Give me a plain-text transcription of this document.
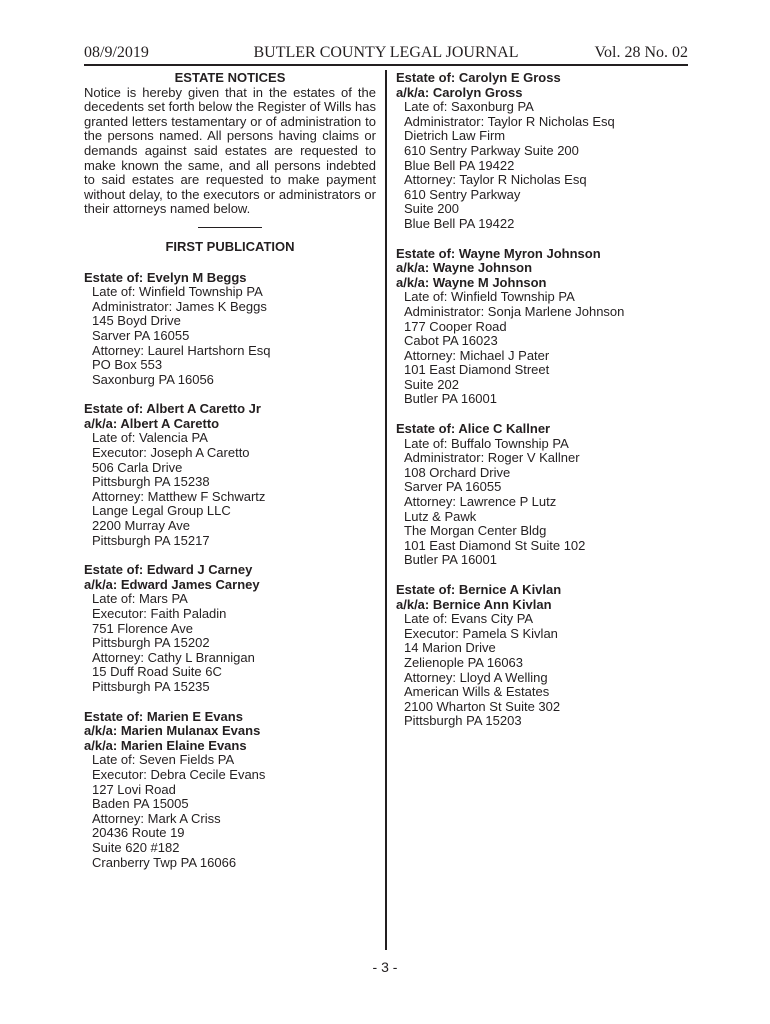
08/9/2019	BUTLER COUNTY LEGAL JOURNAL	Vol. 28 No. 02
ESTATE NOTICES
Notice is hereby given that in the estates of the decedents set forth below the Register of Wills has granted letters testamentary or of administration to the persons named. All persons having claims or demands against said estates are requested to make known the same, and all persons indebted to said estates are requested to make payment without delay, to the executors or administrators or their attorneys named below.
FIRST PUBLICATION
Estate of: Evelyn M Beggs
Late of: Winfield Township PA
Administrator: James K Beggs
145 Boyd Drive
Sarver PA 16055
Attorney: Laurel Hartshorn Esq
PO Box 553
Saxonburg PA 16056
Estate of: Albert A Caretto Jr
a/k/a: Albert A Caretto
Late of: Valencia PA
Executor: Joseph A Caretto
506 Carla Drive
Pittsburgh PA 15238
Attorney: Matthew F Schwartz
Lange Legal Group LLC
2200 Murray Ave
Pittsburgh PA 15217
Estate of: Edward J Carney
a/k/a: Edward James Carney
Late of: Mars PA
Executor: Faith Paladin
751 Florence Ave
Pittsburgh PA 15202
Attorney: Cathy L Brannigan
15 Duff Road Suite 6C
Pittsburgh PA 15235
Estate of: Marien E Evans
a/k/a: Marien Mulanax Evans
a/k/a: Marien Elaine Evans
Late of: Seven Fields PA
Executor: Debra Cecile Evans
127 Lovi Road
Baden PA 15005
Attorney: Mark A Criss
20436 Route 19
Suite 620 #182
Cranberry Twp PA 16066
Estate of: Carolyn E Gross
a/k/a: Carolyn Gross
Late of: Saxonburg PA
Administrator: Taylor R Nicholas Esq
Dietrich Law Firm
610 Sentry Parkway Suite 200
Blue Bell PA 19422
Attorney: Taylor R Nicholas Esq
610 Sentry Parkway
Suite 200
Blue Bell PA 19422
Estate of: Wayne Myron Johnson
a/k/a: Wayne Johnson
a/k/a: Wayne M Johnson
Late of: Winfield Township PA
Administrator: Sonja Marlene Johnson
177 Cooper Road
Cabot PA 16023
Attorney: Michael J Pater
101 East Diamond Street
Suite 202
Butler PA 16001
Estate of: Alice C Kallner
Late of: Buffalo Township PA
Administrator: Roger V Kallner
108 Orchard Drive
Sarver PA 16055
Attorney: Lawrence P Lutz
Lutz & Pawk
The Morgan Center Bldg
101 East Diamond St Suite 102
Butler PA 16001
Estate of: Bernice A Kivlan
a/k/a: Bernice Ann Kivlan
Late of: Evans City PA
Executor: Pamela S Kivlan
14 Marion Drive
Zelienople PA 16063
Attorney: Lloyd A Welling
American Wills & Estates
2100 Wharton St Suite 302
Pittsburgh PA 15203
- 3 -
